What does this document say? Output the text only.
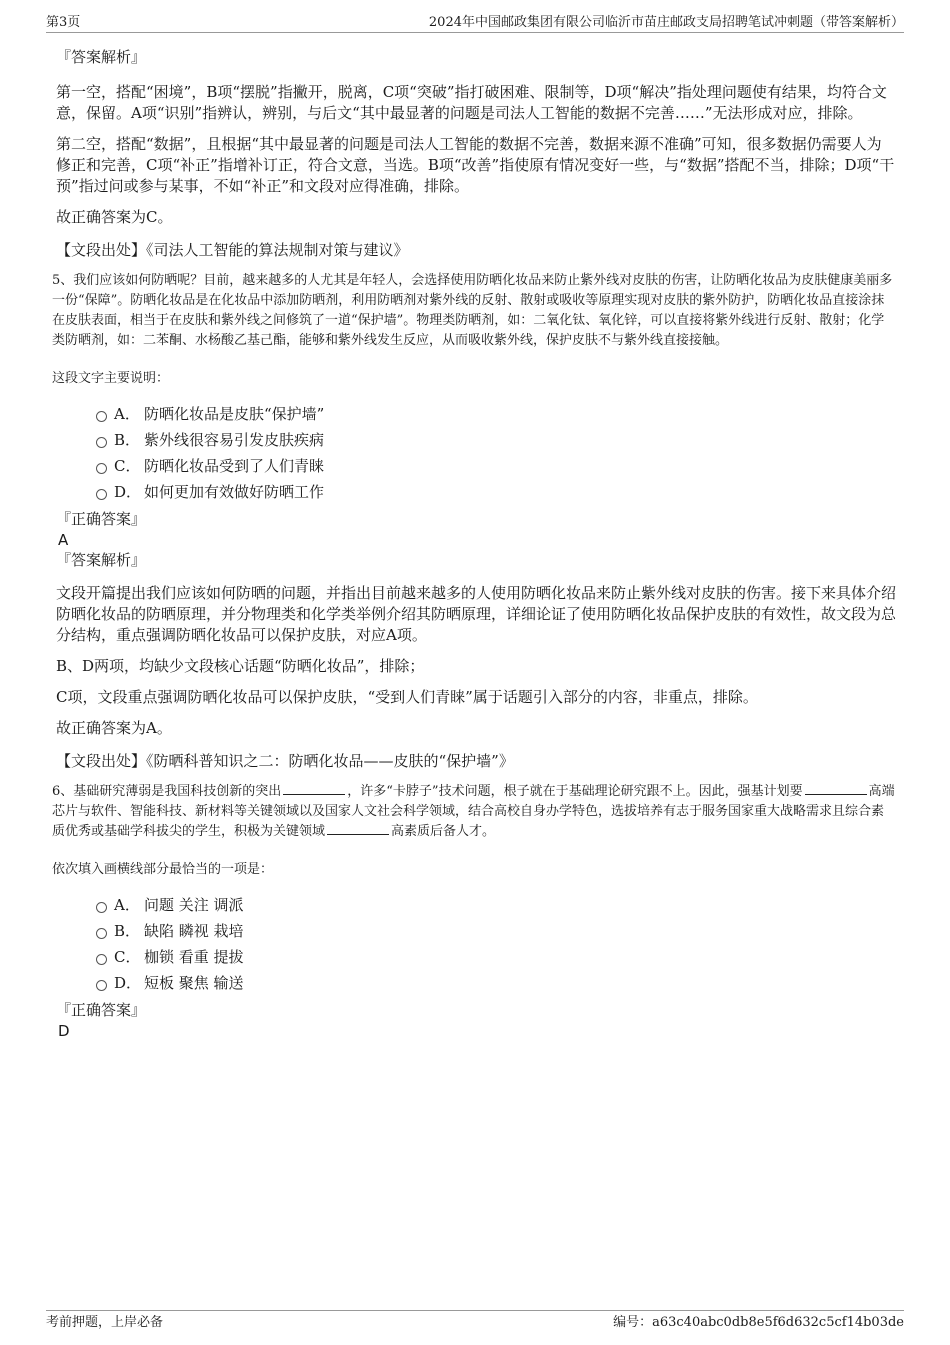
第3页	2024年中国邮政集团有限公司临沂市苗庄邮政支局招聘笔试冲刺题（带答案解析）

『答案解析』

第一空，搭配“困境”，B项“摆脱”指撇开，脱离，C项“突破”指打破困难、限制等，D项“解决”指处理问题使有结果，均符合文意，保留。A项“识别”指辨认，辨别，与后文“其中最显著的问题是司法人工智能的数据不完善……”无法形成对应，排除。

第二空，搭配“数据”，且根据“其中最显著的问题是司法人工智能的数据不完善，数据来源不准确”可知，很多数据仍需要人为修正和完善，C项“补正”指增补订正，符合文意，当选。B项“改善”指使原有情况变好一些，与“数据”搭配不当，排除；D项“干预”指过问或参与某事，不如“补正”和文段对应得准确，排除。

故正确答案为C。

【文段出处】《司法人工智能的算法规制对策与建议》

5、我们应该如何防晒呢？目前，越来越多的人尤其是年轻人，会选择使用防晒化妆品来防止紫外线对皮肤的伤害，让防晒化妆品为皮肤健康美丽多一份“保障”。防晒化妆品是在化妆品中添加防晒剂，利用防晒剂对紫外线的反射、散射或吸收等原理实现对皮肤的紫外防护，防晒化妆品直接涂抹在皮肤表面，相当于在皮肤和紫外线之间修筑了一道“保护墙”。物理类防晒剂，如：二氧化钛、氧化锌，可以直接将紫外线进行反射、散射；化学类防晒剂，如：二苯酮、水杨酸乙基己酯，能够和紫外线发生反应，从而吸收紫外线，保护皮肤不与紫外线直接接触。

这段文字主要说明：

A． 防晒化妆品是皮肤“保护墙”
B． 紫外线很容易引发皮肤疾病
C． 防晒化妆品受到了人们青睐
D． 如何更加有效做好防晒工作

『正确答案』

A

『答案解析』

文段开篇提出我们应该如何防晒的问题，并指出目前越来越多的人使用防晒化妆品来防止紫外线对皮肤的伤害。接下来具体介绍防晒化妆品的防晒原理，并分物理类和化学类举例介绍其防晒原理，详细论证了使用防晒化妆品保护皮肤的有效性，故文段为总分结构，重点强调防晒化妆品可以保护皮肤，对应A项。

B、D两项，均缺少文段核心话题“防晒化妆品”，排除；

C项，文段重点强调防晒化妆品可以保护皮肤，“受到人们青睐”属于话题引入部分的内容，非重点，排除。

故正确答案为A。

【文段出处】《防晒科普知识之二：防晒化妆品——皮肤的“保护墙”》

6、基础研究薄弱是我国科技创新的突出	，许多“卡脖子”技术问题，根子就在于基础理论研究跟不上。因此，强基计划要	高端芯片与软件、智能科技、新材料等关键领域以及国家人文社会科学领域，结合高校自身办学特色，选拔培养有志于服务国家重大战略需求且综合素质优秀或基础学科拔尖的学生，积极为关键领域	高素质后备人才。

依次填入画横线部分最恰当的一项是：

A． 问题 关注 调派
B． 缺陷 瞵视 栽培
C． 枷锁 看重 提拔
D． 短板 聚焦 输送

『正确答案』

D

考前押题，上岸必备	编号：a63c40abc0db8e5f6d632c5cf14b03de
